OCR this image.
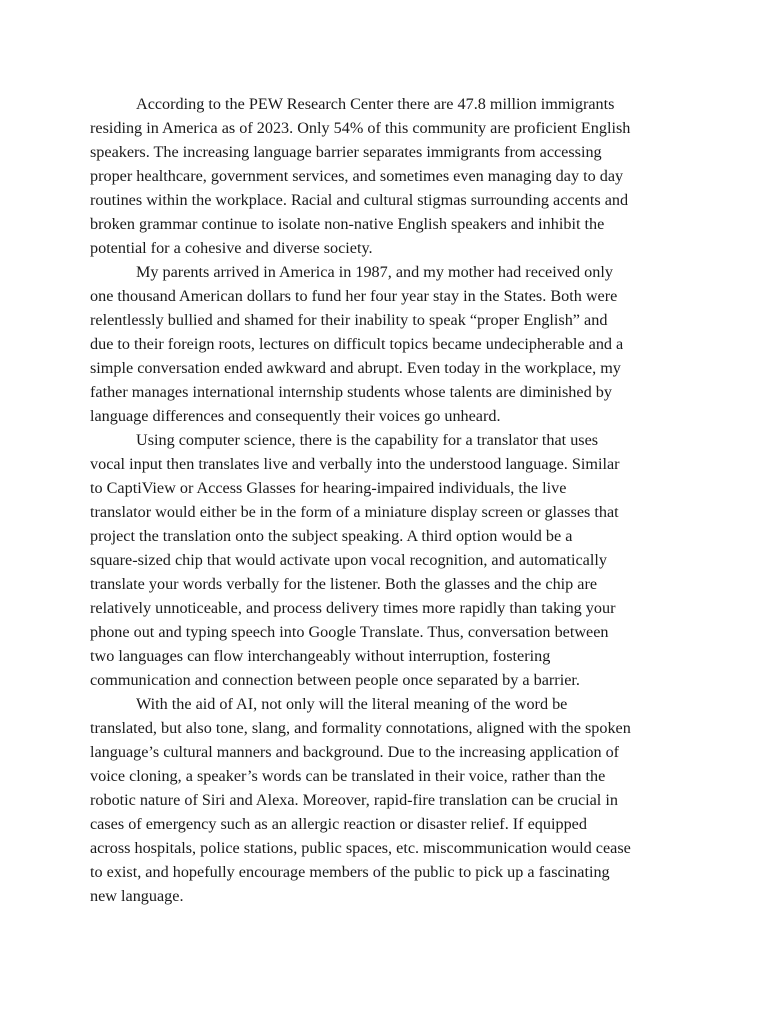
According to the PEW Research Center there are 47.8 million immigrants
residing in America as of 2023. Only 54% of this community are proficient English
speakers. The increasing language barrier separates immigrants from accessing
proper healthcare, government services, and sometimes even managing day to day
routines within the workplace. Racial and cultural stigmas surrounding accents and
broken grammar continue to isolate non-native English speakers and inhibit the
potential for a cohesive and diverse society.

My parents arrived in America in 1987, and my mother had received only
one thousand American dollars to fund her four year stay in the States. Both were
relentlessly bullied and shamed for their inability to speak “proper English” and
due to their foreign roots, lectures on difficult topics became undecipherable and a
simple conversation ended awkward and abrupt. Even today in the workplace, my
father manages international internship students whose talents are diminished by
language differences and consequently their voices go unheard.

Using computer science, there is the capability for a translator that uses
vocal input then translates live and verbally into the understood language. Similar
to CaptiView or Access Glasses for hearing-impaired individuals, the live
translator would either be in the form of a miniature display screen or glasses that
project the translation onto the subject speaking. A third option would be a
square-sized chip that would activate upon vocal recognition, and automatically
translate your words verbally for the listener. Both the glasses and the chip are
relatively unnoticeable, and process delivery times more rapidly than taking your
phone out and typing speech into Google Translate. Thus, conversation between
two languages can flow interchangeably without interruption, fostering
communication and connection between people once separated by a barrier.

With the aid of AI, not only will the literal meaning of the word be
translated, but also tone, slang, and formality connotations, aligned with the spoken
language’s cultural manners and background. Due to the increasing application of
voice cloning, a speaker’s words can be translated in their voice, rather than the
robotic nature of Siri and Alexa. Moreover, rapid-fire translation can be crucial in
cases of emergency such as an allergic reaction or disaster relief. If equipped
across hospitals, police stations, public spaces, etc. miscommunication would cease
to exist, and hopefully encourage members of the public to pick up a fascinating
new language.
